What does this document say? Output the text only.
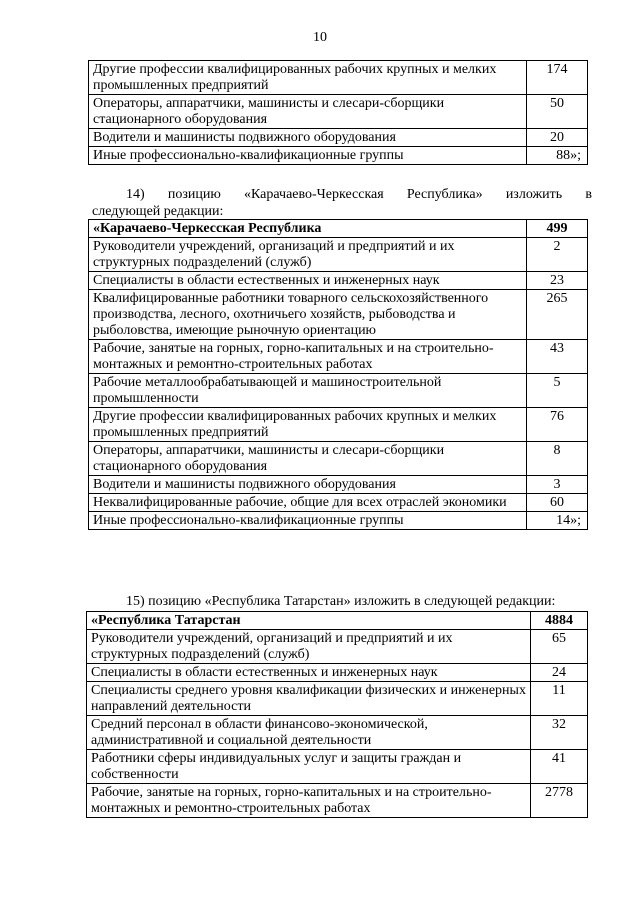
10
Другие профессии квалифицированных рабочих крупных и мелких промышленных предприятий	174
Операторы, аппаратчики, машинисты и слесари-сборщики стационарного оборудования	50
Водители и машинисты подвижного оборудования	20
Иные профессионально-квалификационные группы	88»;
14) позицию «Карачаево-Черкесская Республика» изложить в
следующей редакции:
«Карачаево-Черкесская Республика	499
Руководители учреждений, организаций и предприятий и их структурных подразделений (служб)	2
Специалисты в области естественных и инженерных наук	23
Квалифицированные работники товарного сельскохозяйственного производства, лесного, охотничьего хозяйств, рыбоводства и рыболовства, имеющие рыночную ориентацию	265
Рабочие, занятые на горных, горно-капитальных и на строительно-монтажных и ремонтно-строительных работах	43
Рабочие металлообрабатывающей и машиностроительной промышленности	5
Другие профессии квалифицированных рабочих крупных и мелких промышленных предприятий	76
Операторы, аппаратчики, машинисты и слесари-сборщики стационарного оборудования	8
Водители и машинисты подвижного оборудования	3
Неквалифицированные рабочие, общие для всех отраслей экономики	60
Иные профессионально-квалификационные группы	14»;
15) позицию «Республика Татарстан» изложить в следующей редакции:
«Республика Татарстан	4884
Руководители учреждений, организаций и предприятий и их структурных подразделений (служб)	65
Специалисты в области естественных и инженерных наук	24
Специалисты среднего уровня квалификации физических и инженерных направлений деятельности	11
Средний персонал в области финансово-экономической, административной и социальной деятельности	32
Работники сферы индивидуальных услуг и защиты граждан и собственности	41
Рабочие, занятые на горных, горно-капитальных и на строительно-монтажных и ремонтно-строительных работах	2778
